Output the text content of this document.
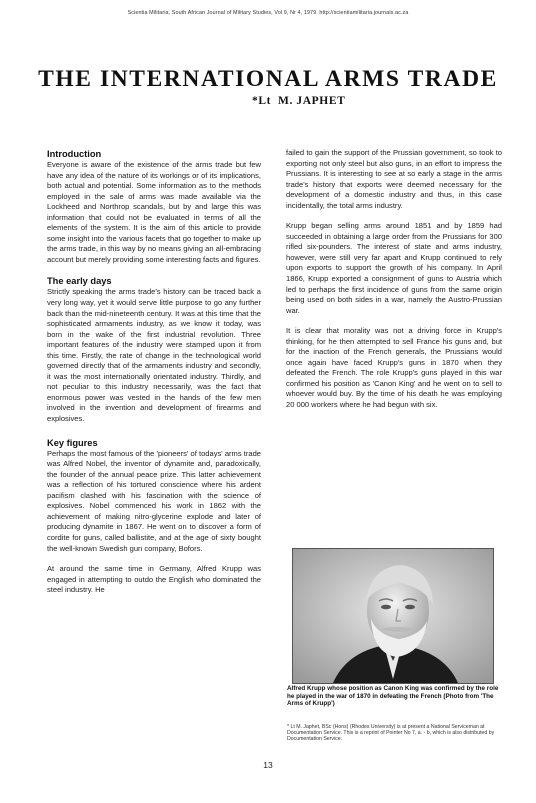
Scientia Militaria, South African Journal of Military Studies, Vol 9, Nr 4, 1979. http://scientiamilitaria.journals.ac.za
THE INTERNATIONAL ARMS TRADE
*Lt  M. JAPHET
Introduction

Everyone is aware of the existence of the arms trade but few have any idea of the nature of its workings or of its implications, both actual and potential. Some information as to the methods employed in the sale of arms was made available via the Lockheed and Northrop scandals, but by and large this was information that could not be evaluated in terms of all the elements of the system. It is the aim of this article to provide some insight into the various facets that go together to make up the arms trade, in this way by no means giving an all-embracing account but merely providing some interesting facts and figures.

The early days

Strictly speaking the arms trade's history can be traced back a very long way, yet it would serve little purpose to go any further back than the mid-nineteenth century. It was at this time that the sophisticated armaments industry, as we know it today, was born in the wake of the first industrial revolution. Three important features of the industry were stamped upon it from this time. Firstly, the rate of change in the technological world governed directly that of the armaments industry and secondly, it was the most internationally orientated industry. Thirdly, and not peculiar to this industry necessarily, was the fact that enormous power was vested in the hands of the few men involved in the invention and development of firearms and explosives.

Key figures

Perhaps the most famous of the 'pioneers' of todays' arms trade was Alfred Nobel, the inventor of dynamite and, paradoxically, the founder of the annual peace prize. This latter achievement was a reflection of his tortured conscience where his ardent pacifism clashed with his fascination with the science of explosives. Nobel commenced his work in 1862 with the achievement of making nitro-glycerine explode and later of producing dynamite in 1867. He went on to discover a form of cordite for guns, called ballistite, and at the age of sixty bought the well-known Swedish gun company, Bofors.

At around the same time in Germany, Alfred Krupp was engaged in attempting to outdo the English who dominated the steel industry. He

failed to gain the support of the Prussian government, so took to exporting not only steel but also guns, in an effort to impress the Prussians. It is interesting to see at so early a stage in the arms trade's history that exports were deemed necessary for the development of a domestic industry and thus, in this case incidentally, the total arms industry.

Krupp began selling arms around 1851 and by 1859 had succeeded in obtaining a large order from the Prussians for 300 rifled six-pounders. The interest of state and arms industry, however, were still very far apart and Krupp continued to rely upon exports to support the growth of his company. In April 1866, Krupp exported a consignment of guns to Austria which led to perhaps the first incidence of guns from the same origin being used on both sides in a war, namely the Austro-Prussian war.

It is clear that morality was not a driving force in Krupp's thinking, for he then attempted to sell France his guns and, but for the inaction of the French generals, the Prussians would once again have faced Krupp's guns in 1870 when they defeated the French. The role Krupp's guns played in this war confirmed his position as 'Canon King' and he went on to sell to whoever would buy. By the time of his death he was employing 20 000 workers where he had begun with six.

Alfred Krupp whose position as Canon King was confirmed by the role he played in the war of 1870 in defeating the French (Photo from 'The Arms of Krupp')
* Lt M. Japhet, BSc (Hons) (Rhodes University) is at present a National Serviceman at Documentation Service. This is a reprint of Pointer No 7, a. - b, which is also distributed by Documentation Service.
13
